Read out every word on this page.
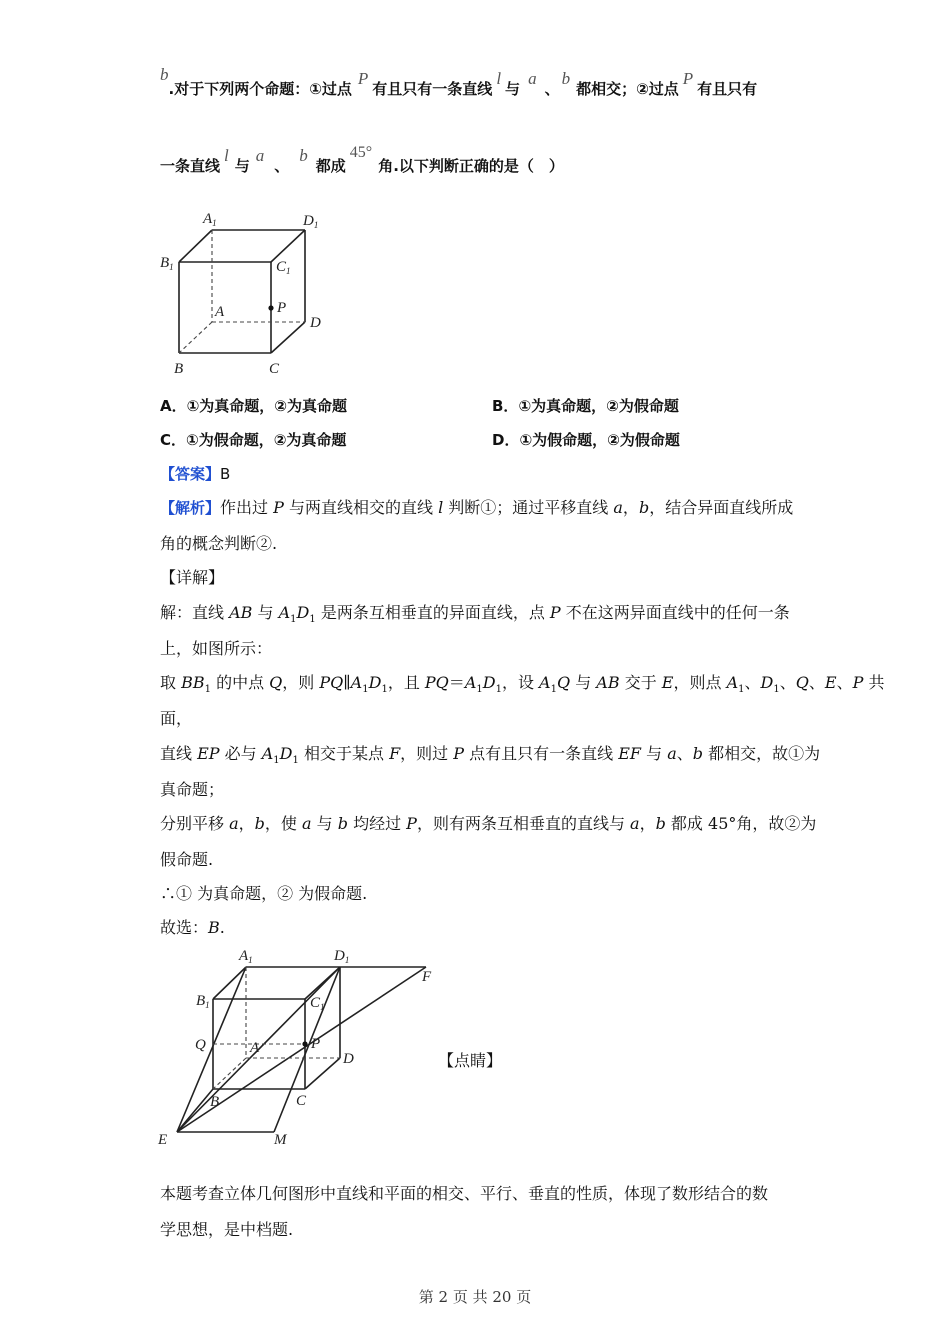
b.对于下列两个命题：①过点P有且只有一条直线l与a、b都相交；②过点P有且只有
一条直线l与a、b都成45°角.以下判断正确的是（　）
$A_1$	$D_1$
$B_1$	$C_1$
A	P
D
B	C
A．①为真命题，②为真命题	B．①为真命题，②为假命题
C．①为假命题，②为真命题	D．①为假命题，②为假命题
【答案】B
【解析】作出过 P 与两直线相交的直线 l 判断①；通过平移直线 a，b，结合异面直线所成
角的概念判断②.
【详解】
解：直线 AB 与 $A_1D_1$ 是两条互相垂直的异面直线，点 P 不在这两异面直线中的任何一条
上，如图所示：
取 $BB_1$ 的中点 Q，则 $PQ\parallel A_1D_1$，且 $PQ=A_1D_1$，设 $A_1Q$ 与 AB 交于 E，则点 $A_1$、$D_1$、Q、E、P 共
面，
直线 EP 必与 $A_1D_1$ 相交于某点 F，则过 P 点有且只有一条直线 EF 与 a、b 都相交，故①为
真命题；
分别平移 a，b，使 a 与 b 均经过 P，则有两条互相垂直的直线与 a，b 都成 45°角，故②为
假命题.
∴① 为真命题，② 为假命题.
故选：B.
$A_1$	$D_1$
F
$B_1$	$C_1$
Q	A	P
D
B	C
E	M
【点睛】
本题考查立体几何图形中直线和平面的相交、平行、垂直的性质，体现了数形结合的数
学思想，是中档题.
第 2 页 共 20 页
